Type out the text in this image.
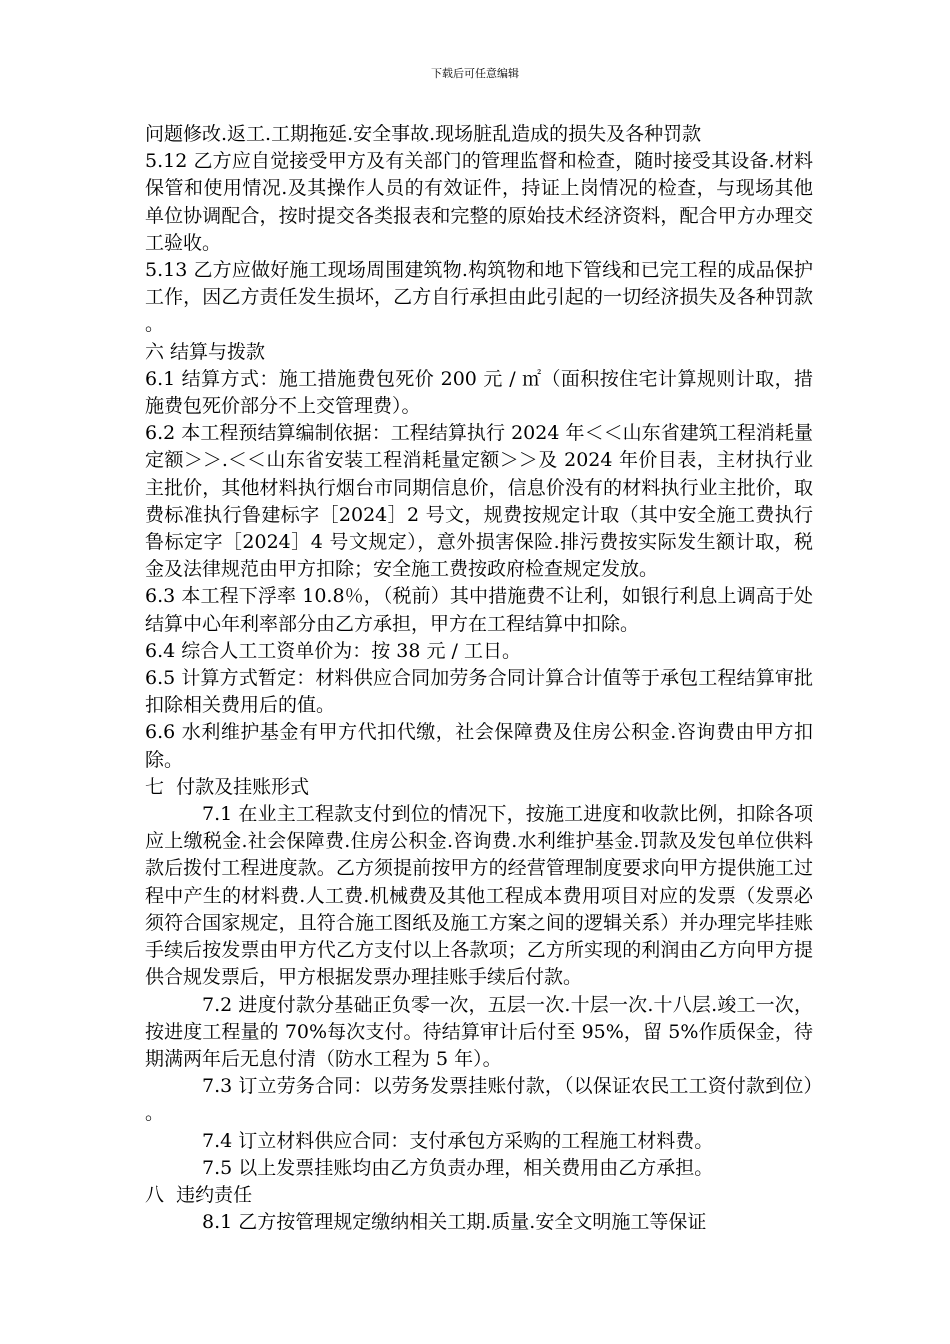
下载后可任意编辑

问题修改.返工.工期拖延.安全事故.现场脏乱造成的损失及各种罚款

5.12 乙方应自觉接受甲方及有关部门的管理监督和检查，随时接受其设备.材料保管和使用情况.及其操作人员的有效证件，持证上岗情况的检查，与现场其他单位协调配合，按时提交各类报表和完整的原始技术经济资料，配合甲方办理交工验收。

5.13 乙方应做好施工现场周围建筑物.构筑物和地下管线和已完工程的成品保护工作，因乙方责任发生损坏，乙方自行承担由此引起的一切经济损失及各种罚款。

六 结算与拨款

6.1 结算方式：施工措施费包死价 200 元 / ㎡（面积按住宅计算规则计取，措施费包死价部分不上交管理费）。

6.2 本工程预结算编制依据：工程结算执行 2024 年＜＜山东省建筑工程消耗量定额＞＞.＜＜山东省安装工程消耗量定额＞＞及 2024 年价目表，主材执行业主批价，其他材料执行烟台市同期信息价，信息价没有的材料执行业主批价，取费标准执行鲁建标字［2024］2 号文，规费按规定计取（其中安全施工费执行鲁标定字［2024］4 号文规定），意外损害保险.排污费按实际发生额计取，税金及法律规范由甲方扣除；安全施工费按政府检查规定发放。

6.3 本工程下浮率 10.8％，（税前）其中措施费不让利，如银行利息上调高于处结算中心年利率部分由乙方承担，甲方在工程结算中扣除。

6.4 综合人工工资单价为：按 38 元 / 工日。

6.5 计算方式暂定：材料供应合同加劳务合同计算合计值等于承包工程结算审批扣除相关费用后的值。

6.6 水利维护基金有甲方代扣代缴，社会保障费及住房公积金.咨询费由甲方扣除。

七  付款及挂账形式

7.1 在业主工程款支付到位的情况下，按施工进度和收款比例，扣除各项应上缴税金.社会保障费.住房公积金.咨询费.水利维护基金.罚款及发包单位供料款后拨付工程进度款。乙方须提前按甲方的经营管理制度要求向甲方提供施工过程中产生的材料费.人工费.机械费及其他工程成本费用项目对应的发票（发票必须符合国家规定，且符合施工图纸及施工方案之间的逻辑关系）并办理完毕挂账手续后按发票由甲方代乙方支付以上各款项；乙方所实现的利润由乙方向甲方提供合规发票后，甲方根据发票办理挂账手续后付款。

7.2 进度付款分基础正负零一次，五层一次.十层一次.十八层.竣工一次，按进度工程量的 70%每次支付。待结算审计后付至 95%，留 5%作质保金，待期满两年后无息付清（防水工程为 5 年）。

7.3 订立劳务合同：以劳务发票挂账付款，（以保证农民工工资付款到位）。

7.4 订立材料供应合同：支付承包方采购的工程施工材料费。

7.5 以上发票挂账均由乙方负责办理，相关费用由乙方承担。

八  违约责任

8.1 乙方按管理规定缴纳相关工期.质量.安全文明施工等保证
